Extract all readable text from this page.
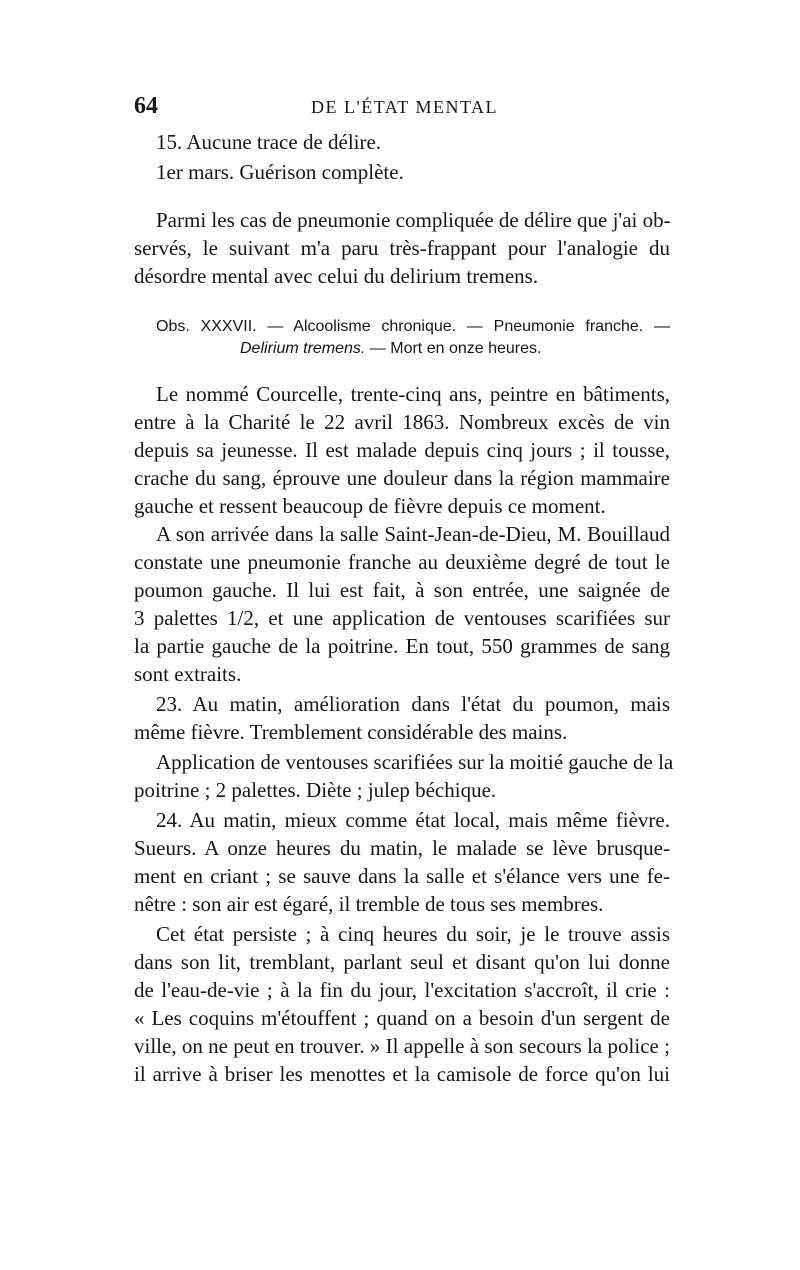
64	DE L'ÉTAT MENTAL
15. Aucune trace de délire.
1er mars. Guérison complète.
Parmi les cas de pneumonie compliquée de délire que j'ai ob-
servés, le suivant m'a paru très-frappant pour l'analogie du
désordre mental avec celui du delirium tremens.
Obs. XXXVII. — Alcoolisme chronique. — Pneumonie franche. —
Delirium tremens. — Mort en onze heures.
Le nommé Courcelle, trente-cinq ans, peintre en bâtiments,
entre à la Charité le 22 avril 1863. Nombreux excès de vin
depuis sa jeunesse. Il est malade depuis cinq jours ; il tousse,
crache du sang, éprouve une douleur dans la région mammaire
gauche et ressent beaucoup de fièvre depuis ce moment.
A son arrivée dans la salle Saint-Jean-de-Dieu, M. Bouillaud
constate une pneumonie franche au deuxième degré de tout le
poumon gauche. Il lui est fait, à son entrée, une saignée de
3 palettes 1/2, et une application de ventouses scarifiées sur
la partie gauche de la poitrine. En tout, 550 grammes de sang
sont extraits.
23. Au matin, amélioration dans l'état du poumon, mais
même fièvre. Tremblement considérable des mains.
Application de ventouses scarifiées sur la moitié gauche de la
poitrine ; 2 palettes. Diète ; julep béchique.
24. Au matin, mieux comme état local, mais même fièvre.
Sueurs. A onze heures du matin, le malade se lève brusque-
ment en criant ; se sauve dans la salle et s'élance vers une fe-
nêtre : son air est égaré, il tremble de tous ses membres.
Cet état persiste ; à cinq heures du soir, je le trouve assis
dans son lit, tremblant, parlant seul et disant qu'on lui donne
de l'eau-de-vie ; à la fin du jour, l'excitation s'accroît, il crie :
« Les coquins m'étouffent ; quand on a besoin d'un sergent de
ville, on ne peut en trouver. » Il appelle à son secours la police ;
il arrive à briser les menottes et la camisole de force qu'on lui
